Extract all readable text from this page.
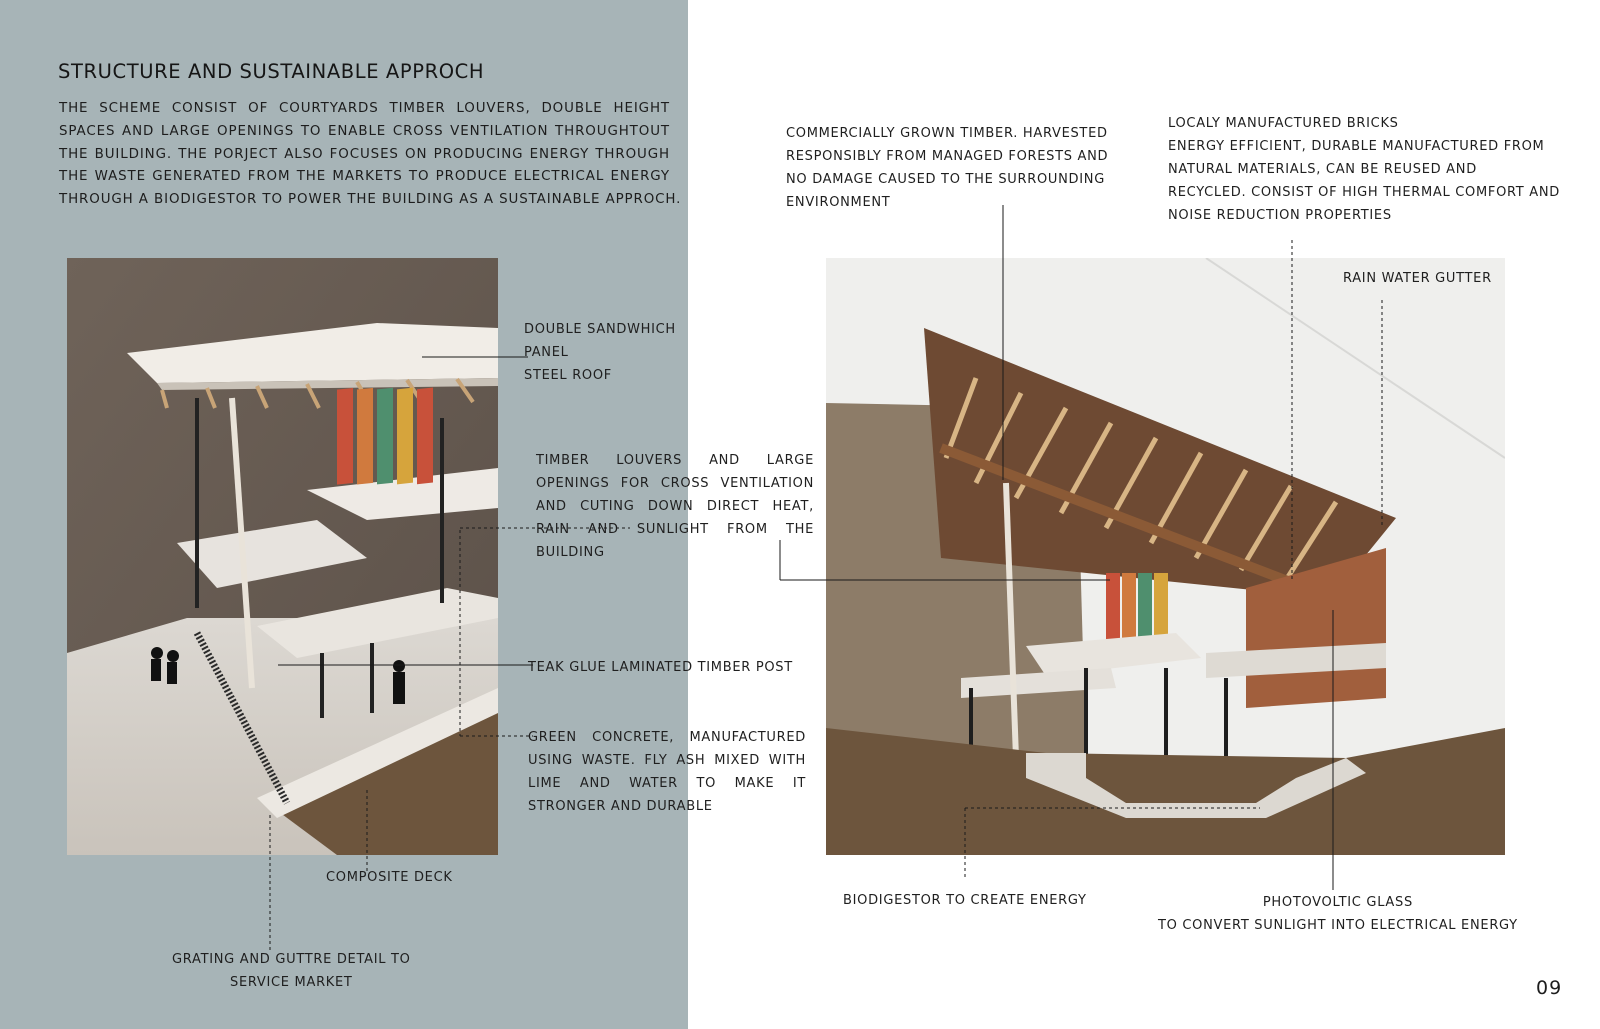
STRUCTURE AND SUSTAINABLE APPROCH
THE SCHEME CONSIST OF COURTYARDS TIMBER LOUVERS, DOUBLE HEIGHT
SPACES AND LARGE OPENINGS TO ENABLE CROSS VENTILATION THROUGHTOUT
THE BUILDING. THE PORJECT ALSO FOCUSES ON PRODUCING ENERGY THROUGH
THE WASTE GENERATED FROM THE MARKETS TO PRODUCE ELECTRICAL ENERGY
THROUGH A BIODIGESTOR TO POWER THE BUILDING AS A SUSTAINABLE APPROCH.
DOUBLE SANDWHICH
PANEL
STEEL ROOF
TIMBER LOUVERS AND LARGE
OPENINGS FOR CROSS VENTILATION
AND CUTING DOWN DIRECT HEAT,
RAIN AND SUNLIGHT FROM THE
BUILDING
TEAK GLUE LAMINATED TIMBER POST
GREEN CONCRETE, MANUFACTURED
USING WASTE. FLY ASH MIXED WITH
LIME AND WATER TO MAKE IT
STRONGER AND DURABLE
COMPOSITE DECK
GRATING AND GUTTRE DETAIL TO
SERVICE MARKET
COMMERCIALLY GROWN TIMBER. HARVESTED
RESPONSIBLY FROM MANAGED FORESTS AND
NO DAMAGE CAUSED TO THE SURROUNDING
ENVIRONMENT
LOCALY MANUFACTURED BRICKS
ENERGY EFFICIENT, DURABLE MANUFACTURED FROM
NATURAL MATERIALS, CAN BE REUSED AND
RECYCLED. CONSIST OF HIGH THERMAL COMFORT AND
NOISE REDUCTION PROPERTIES
RAIN WATER GUTTER
BIODIGESTOR TO CREATE ENERGY	PHOTOVOLTIC GLASS
TO CONVERT SUNLIGHT INTO ELECTRICAL ENERGY
09
